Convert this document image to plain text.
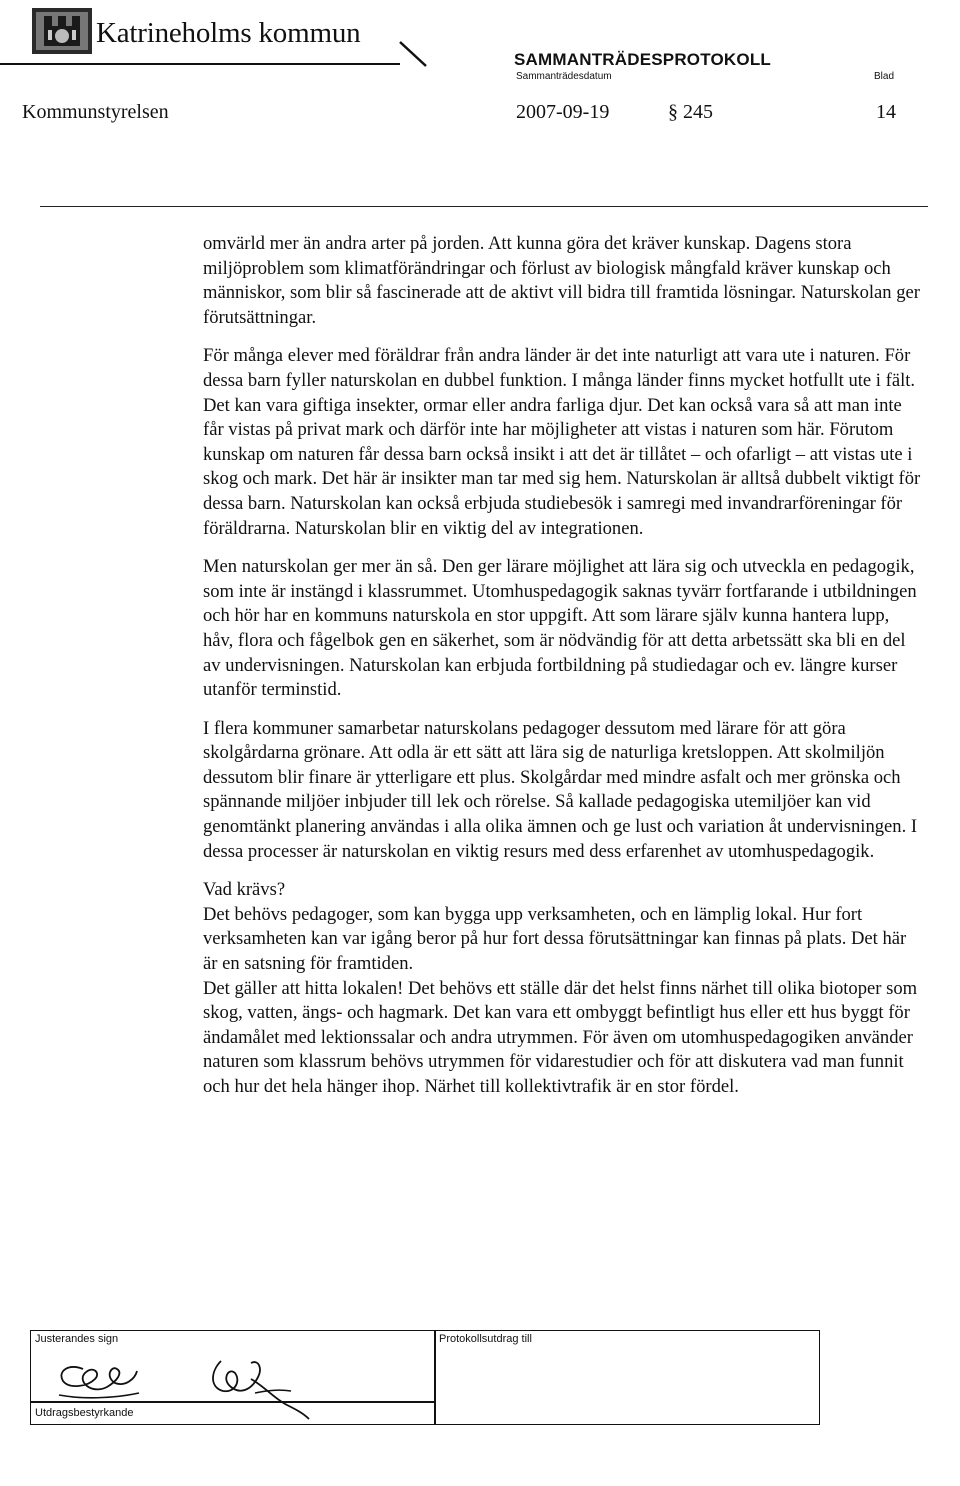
Katrineholms kommun
SAMMANTRÄDESPROTOKOLL
Sammanträdesdatum	Blad
Kommunstyrelsen	2007-09-19	§ 245	14

omvärld mer än andra arter på jorden. Att kunna göra det kräver kunskap. Dagens stora miljöproblem som klimatförändringar och förlust av biologisk mångfald kräver kunskap och människor, som blir så fascinerade att de aktivt vill bidra till framtida lösningar. Naturskolan ger förutsättningar.

För många elever med föräldrar från andra länder är det inte naturligt att vara ute i naturen. För dessa barn fyller naturskolan en dubbel funktion. I många länder finns mycket hotfullt ute i fält. Det kan vara giftiga insekter, ormar eller andra farliga djur. Det kan också vara så att man inte får vistas på privat mark och därför inte har möjligheter att vistas i naturen som här. Förutom kunskap om naturen får dessa barn också insikt i att det är tillåtet – och ofarligt – att vistas ute i skog och mark. Det här är insikter man tar med sig hem. Naturskolan är alltså dubbelt viktigt för dessa barn. Naturskolan kan också erbjuda studiebesök i samregi med invandrarföreningar för föräldrarna. Naturskolan blir en viktig del av integrationen.

Men naturskolan ger mer än så. Den ger lärare möjlighet att lära sig och utveckla en pedagogik, som inte är instängd i klassrummet. Utomhuspedagogik saknas tyvärr fortfarande i utbildningen och hör har en kommuns naturskola en stor uppgift. Att som lärare själv kunna hantera lupp, håv, flora och fågelbok gen en säkerhet, som är nödvändig för att detta arbetssätt ska bli en del av undervisningen. Naturskolan kan erbjuda fortbildning på studiedagar och ev. längre kurser utanför terminstid.

I flera kommuner samarbetar naturskolans pedagoger dessutom med lärare för att göra skolgårdarna grönare. Att odla är ett sätt att lära sig de naturliga kretsloppen. Att skolmiljön dessutom blir finare är ytterligare ett plus. Skolgårdar med mindre asfalt och mer grönska och spännande miljöer inbjuder till lek och rörelse. Så kallade pedagogiska utemiljöer kan vid genomtänkt planering användas i alla olika ämnen och ge lust och variation åt undervisningen. I dessa processer är naturskolan en viktig resurs med dess erfarenhet av utomhuspedagogik.

Vad krävs?

Det behövs pedagoger, som kan bygga upp verksamheten, och en lämplig lokal. Hur fort verksamheten kan var igång beror på hur fort dessa förutsättningar kan finnas på plats. Det här är en satsning för framtiden.

Det gäller att hitta lokalen! Det behövs ett ställe där det helst finns närhet till olika biotoper som skog, vatten, ängs- och hagmark. Det kan vara ett ombyggt befintligt hus eller ett hus byggt för ändamålet med lektionssalar och andra utrymmen. För även om utomhuspedagogiken använder naturen som klassrum behövs utrymmen för vidarestudier och för att diskutera vad man funnit och hur det hela hänger ihop. Närhet till kollektivtrafik är en stor fördel.

Justerandes sign	Protokollsutdrag till
Utdragsbestyrkande
